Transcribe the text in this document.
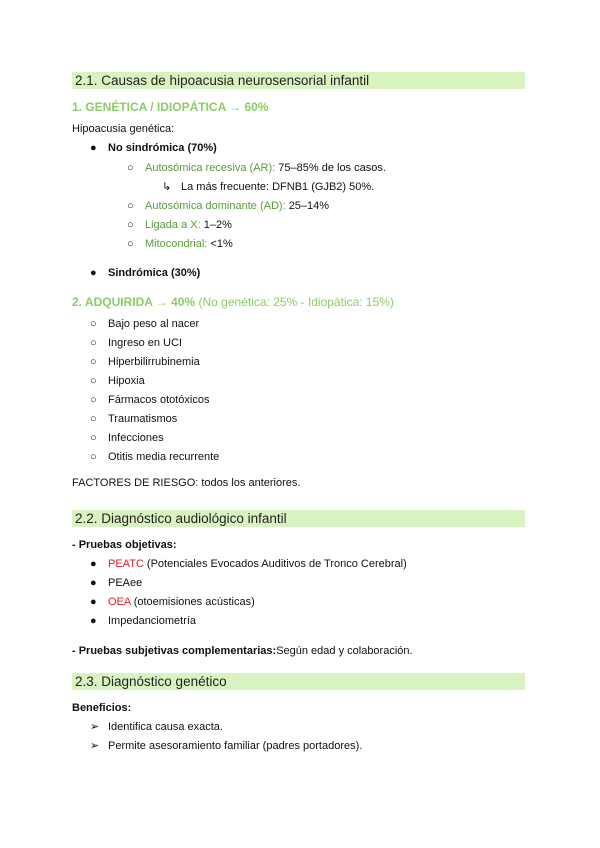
2.1. Causas de hipoacusia neurosensorial infantil
1. GENÉTICA / IDIOPÁTICA → 60%
Hipoacusia genética:
● No sindrómica (70%)
○ Autosómica recesiva (AR): 75–85% de los casos.
↳ La más frecuente: DFNB1 (GJB2) 50%.
○ Autosómica dominante (AD): 25–14%
○ Ligada a X: 1–2%
○ Mitocondrial: <1%
● Sindrómica (30%)
2. ADQUIRIDA → 40% (No genética: 25% - Idiopática: 15%)
○ Bajo peso al nacer
○ Ingreso en UCI
○ Hiperbilirrubinemia
○ Hipoxia
○ Fármacos ototóxicos
○ Traumatismos
○ Infecciones
○ Otitis media recurrente
FACTORES DE RIESGO: todos los anteriores.
2.2. Diagnóstico audiológico infantil
- Pruebas objetivas:
● PEATC (Potenciales Evocados Auditivos de Tronco Cerebral)
● PEAee
● OEA (otoemisiones acústicas)
● Impedanciometría
- Pruebas subjetivas complementarias:Según edad y colaboración.
2.3. Diagnóstico genético
Beneficios:
➢ Identifica causa exacta.
➢ Permite asesoramiento familiar (padres portadores).
